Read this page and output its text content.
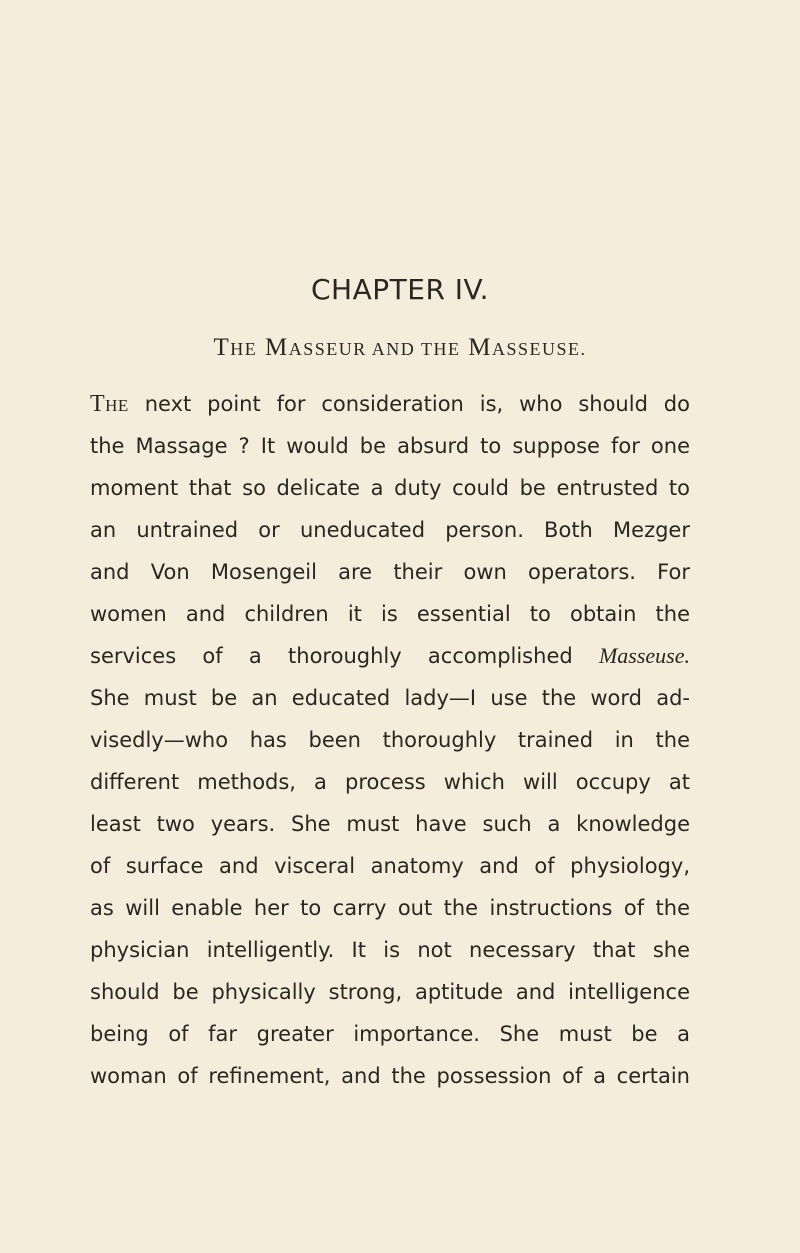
CHAPTER IV.
THE MASSEUR AND THE MASSEUSE.
The next point for consideration is, who should do
the Massage ? It would be absurd to suppose for one
moment that so delicate a duty could be entrusted to
an untrained or uneducated person. Both Mezger
and Von Mosengeil are their own operators. For
women and children it is essential to obtain the
services of a thoroughly accomplished Masseuse.
She must be an educated lady—I use the word ad-
visedly—who has been thoroughly trained in the
different methods, a process which will occupy at
least two years. She must have such a knowledge
of surface and visceral anatomy and of physiology,
as will enable her to carry out the instructions of the
physician intelligently. It is not necessary that she
should be physically strong, aptitude and intelligence
being of far greater importance. She must be a
woman of refinement, and the possession of a certain
